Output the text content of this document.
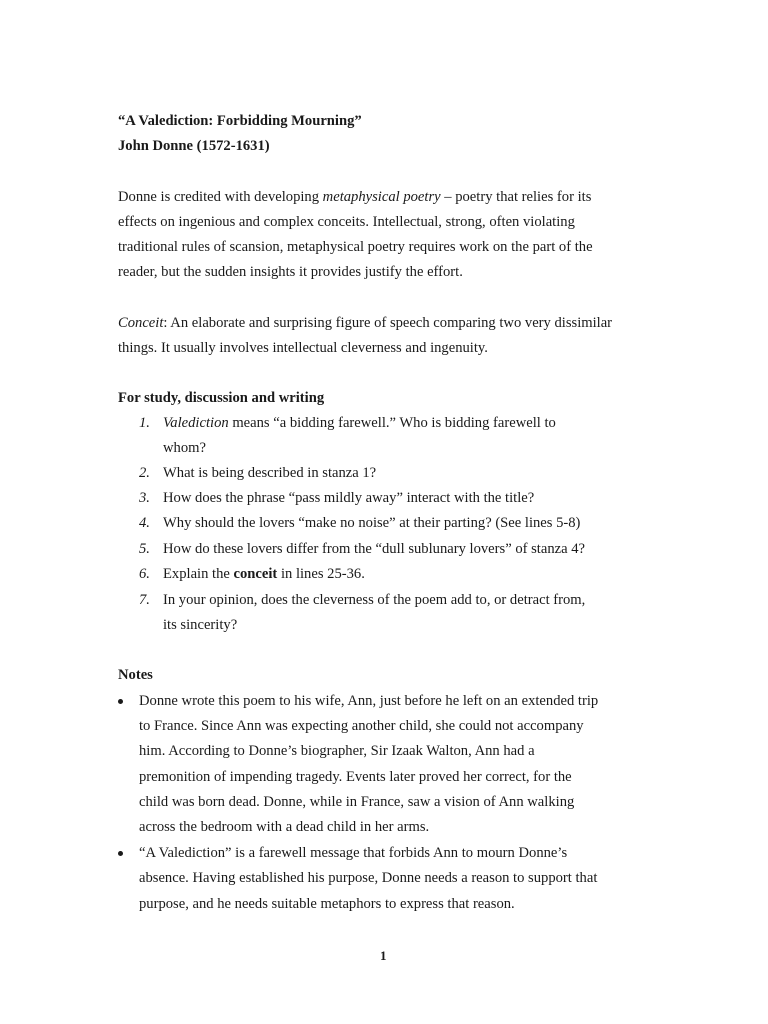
“A Valediction: Forbidding Mourning”
John Donne (1572-1631)
Donne is credited with developing metaphysical poetry – poetry that relies for its
effects on ingenious and complex conceits. Intellectual, strong, often violating
traditional rules of scansion, metaphysical poetry requires work on the part of the
reader, but the sudden insights it provides justify the effort.
Conceit: An elaborate and surprising figure of speech comparing two very dissimilar
things. It usually involves intellectual cleverness and ingenuity.
For study, discussion and writing
1. Valediction means “a bidding farewell.” Who is bidding farewell to
whom?
2. What is being described in stanza 1?
3. How does the phrase “pass mildly away” interact with the title?
4. Why should the lovers “make no noise” at their parting? (See lines 5-8)
5. How do these lovers differ from the “dull sublunary lovers” of stanza 4?
6. Explain the conceit in lines 25-36.
7. In your opinion, does the cleverness of the poem add to, or detract from,
its sincerity?
Notes
Donne wrote this poem to his wife, Ann, just before he left on an extended trip
to France. Since Ann was expecting another child, she could not accompany
him. According to Donne’s biographer, Sir Izaak Walton, Ann had a
premonition of impending tragedy. Events later proved her correct, for the
child was born dead. Donne, while in France, saw a vision of Ann walking
across the bedroom with a dead child in her arms.
“A Valediction” is a farewell message that forbids Ann to mourn Donne’s
absence. Having established his purpose, Donne needs a reason to support that
purpose, and he needs suitable metaphors to express that reason.
1
